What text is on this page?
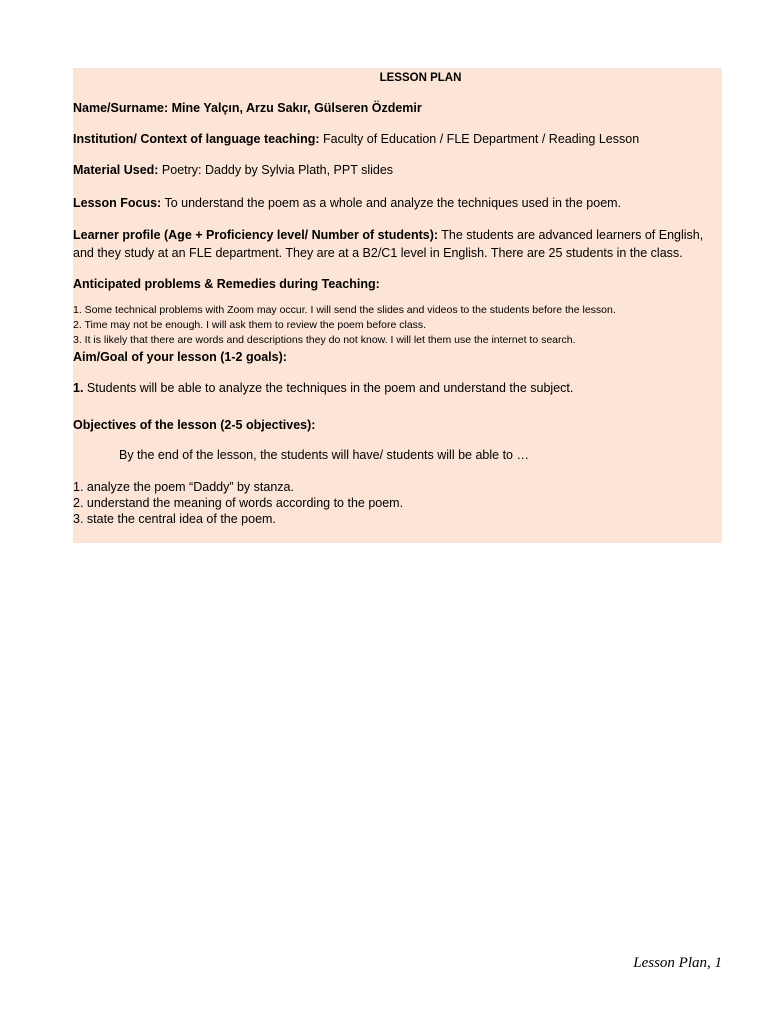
LESSON PLAN
Name/Surname: Mine Yalçın, Arzu Sakır, Gülseren Özdemir
Institution/ Context of language teaching: Faculty of Education / FLE Department / Reading Lesson
Material Used: Poetry: Daddy by Sylvia Plath, PPT slides
Lesson Focus: To understand the poem as a whole and analyze the techniques used in the poem.
Learner profile (Age + Proficiency level/ Number of students): The students are advanced learners of English,
and they study at an FLE department. They are at a B2/C1 level in English. There are 25 students in the class.
Anticipated problems & Remedies during Teaching:
1. Some technical problems with Zoom may occur. I will send the slides and videos to the students before the lesson.
2. Time may not be enough. I will ask them to review the poem before class.
3. It is likely that there are words and descriptions they do not know. I will let them use the internet to search.
Aim/Goal of your lesson (1-2 goals):
1. Students will be able to analyze the techniques in the poem and understand the subject.
Objectives of the lesson (2-5 objectives):
By the end of the lesson, the students will have/ students will be able to …
1. analyze the poem “Daddy” by stanza.
2. understand the meaning of words according to the poem.
3. state the central idea of the poem.
Lesson Plan, 1
